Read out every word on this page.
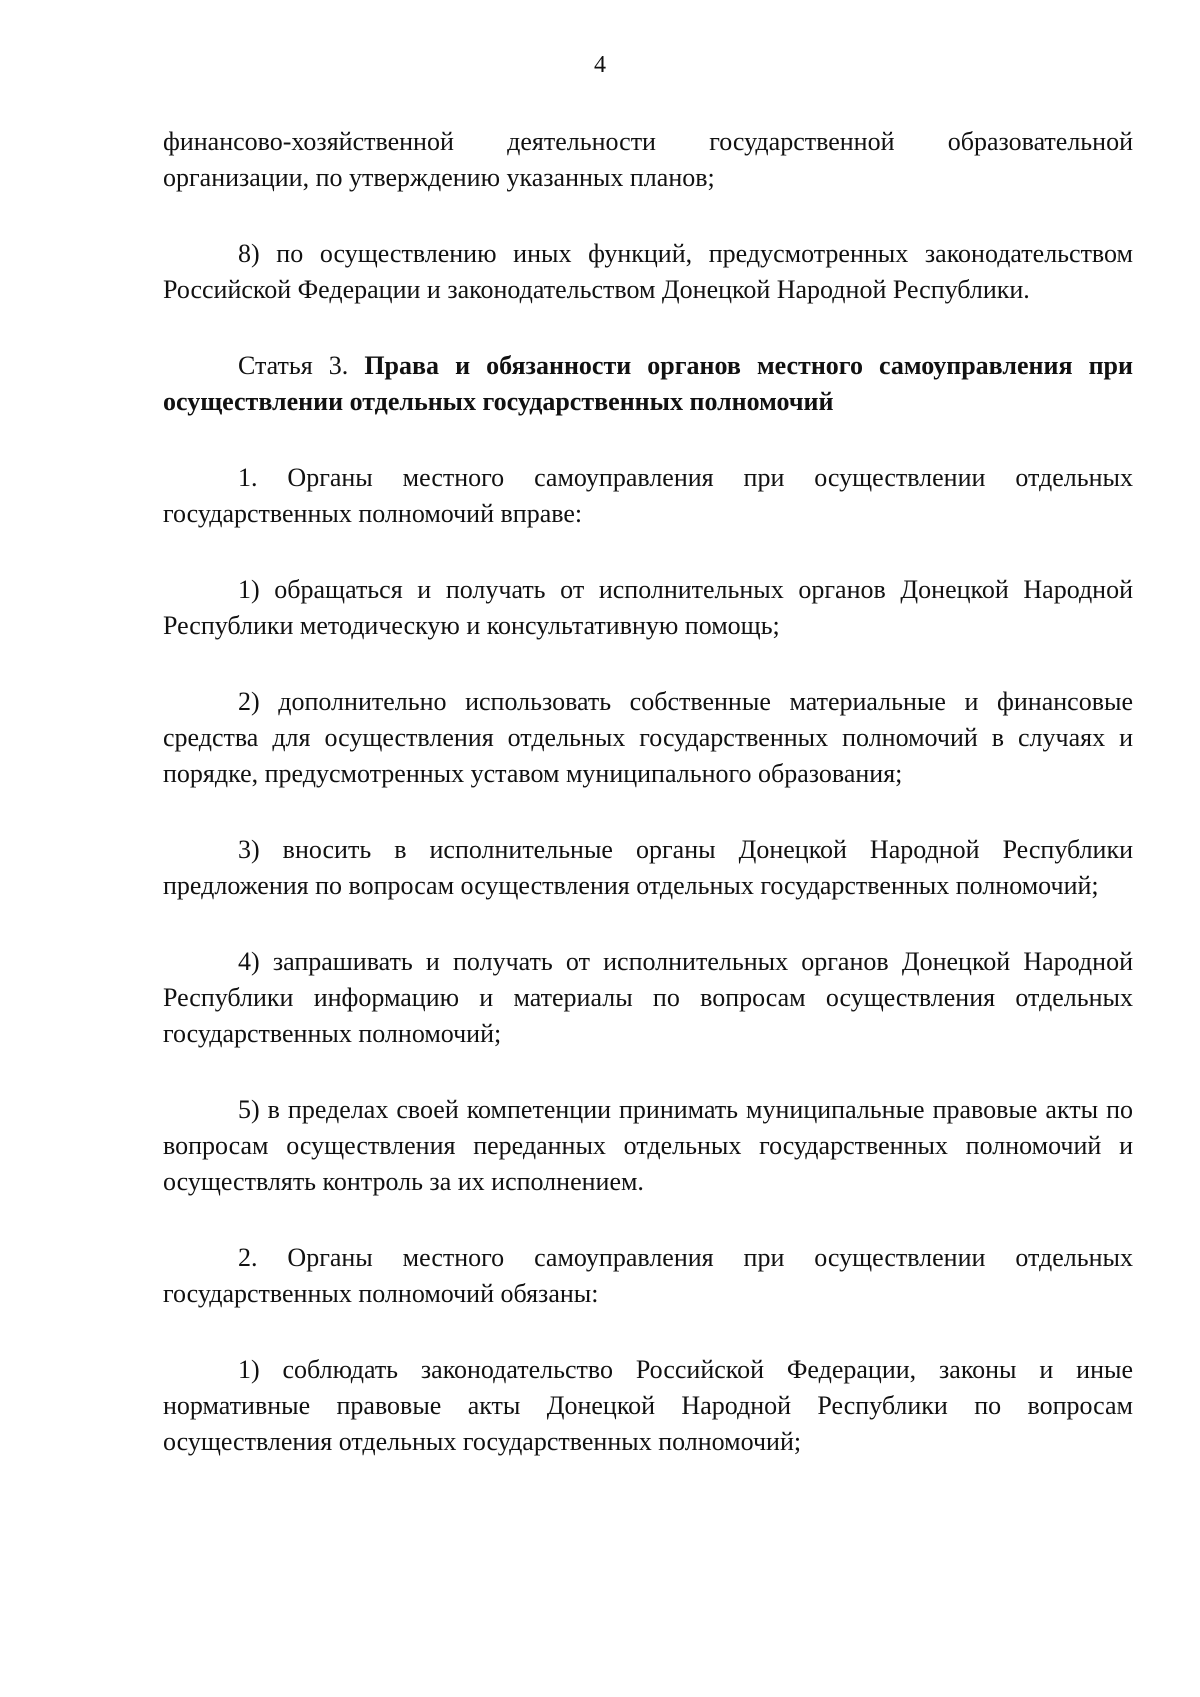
4

финансово-хозяйственной деятельности государственной образовательной организации, по утверждению указанных планов;

8) по осуществлению иных функций, предусмотренных законодательством Российской Федерации и законодательством Донецкой Народной Республики.

Статья 3. Права и обязанности органов местного самоуправления при осуществлении отдельных государственных полномочий

1. Органы местного самоуправления при осуществлении отдельных государственных полномочий вправе:

1) обращаться и получать от исполнительных органов Донецкой Народной Республики методическую и консультативную помощь;

2) дополнительно использовать собственные материальные и финансовые средства для осуществления отдельных государственных полномочий в случаях и порядке, предусмотренных уставом муниципального образования;

3) вносить в исполнительные органы Донецкой Народной Республики предложения по вопросам осуществления отдельных государственных полномочий;

4) запрашивать и получать от исполнительных органов Донецкой Народной Республики информацию и материалы по вопросам осуществления отдельных государственных полномочий;

5) в пределах своей компетенции принимать муниципальные правовые акты по вопросам осуществления переданных отдельных государственных полномочий и осуществлять контроль за их исполнением.

2. Органы местного самоуправления при осуществлении отдельных государственных полномочий обязаны:

1) соблюдать законодательство Российской Федерации, законы и иные нормативные правовые акты Донецкой Народной Республики по вопросам осуществления отдельных государственных полномочий;
